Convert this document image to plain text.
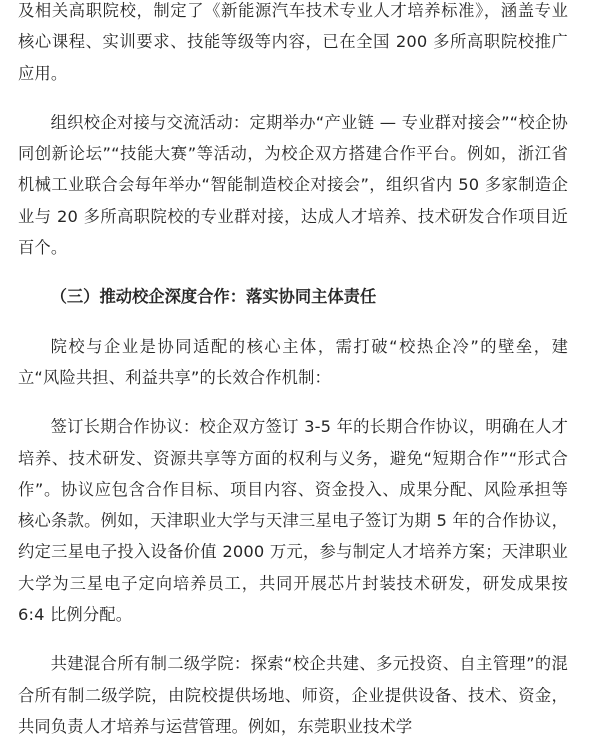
及相关高职院校，制定了《新能源汽车技术专业人才培养标准》，涵盖专业核心课程、实训要求、技能等级等内容，已在全国 200 多所高职院校推广应用。

组织校企对接与交流活动：定期举办“产业链 — 专业群对接会”“校企协同创新论坛”“技能大赛”等活动，为校企双方搭建合作平台。例如，浙江省机械工业联合会每年举办“智能制造校企对接会”，组织省内 50 多家制造企业与 20 多所高职院校的专业群对接，达成人才培养、技术研发合作项目近百个。

（三）推动校企深度合作：落实协同主体责任

院校与企业是协同适配的核心主体，需打破“校热企冷”的壁垒，建立“风险共担、利益共享”的长效合作机制：

签订长期合作协议：校企双方签订 3-5 年的长期合作协议，明确在人才培养、技术研发、资源共享等方面的权利与义务，避免“短期合作”“形式合作”。协议应包含合作目标、项目内容、资金投入、成果分配、风险承担等核心条款。例如，天津职业大学与天津三星电子签订为期 5 年的合作协议，约定三星电子投入设备价值 2000 万元，参与制定人才培养方案；天津职业大学为三星电子定向培养员工，共同开展芯片封装技术研发，研发成果按 6:4 比例分配。

共建混合所有制二级学院：探索“校企共建、多元投资、自主管理”的混合所有制二级学院，由院校提供场地、师资，企业提供设备、技术、资金，共同负责人才培养与运营管理。例如，东莞职业技术学
